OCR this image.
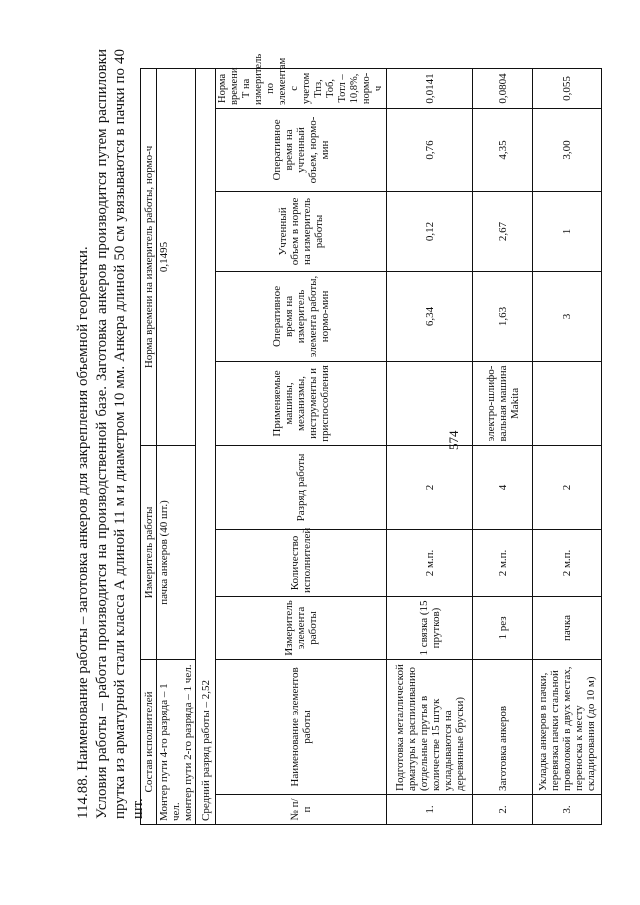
574
114.88. Наименование работы – заготовка анкеров для закрепления объемной геореечтки. Условия работы – работа производится на производственной базе. Заготовка анкеров производится путем распиловки прутка из арматурной стали класса А длиной 11 м и диаметром 10 мм. Анкера длиной 50 см увязываются в пачки по 40 шт.
Состав исполнителей		Измеритель работы			Норма времени на измеритель работы, нормо-ч				

Монтер пути 4-го разряда – 1 чел. монтер пути 2-го разряда – 1 чел.		пачка анкеров (40 шт.)			0,1495				
Средний разряд работы – 2,52									
№ п/п	Наименование элементов работы	Измеритель элемента работы	Количество исполнителей	Разряд работы	Применяемые машины, механизмы, инструменты и приспособления	Оперативное время на измеритель элемента работы, нормо-мин	Учтенный объем в норме на измеритель работы	Оперативное время на учтенный объем, нормо-мин	Норма времени Т на измеритель по элементам с учетом Тпз, Тоб, Тотл – 10,8%, нормо-ч
1.	Подготовка металлической арматуры к распиливанию (отдельные прутья в количестве 15 штук укладываются на деревянные бруски)	1 связка (15 прутков)	2 м.п.	2		6,34	0,12	0,76	0,0141
2.	Заготовка анкеров	1 рез	2 м.п.	4	электро-шлифо-вальная машина Makita	1,63	2,67	4,35	0,0804
3.	Укладка анкеров в пачки, перевязка пачки стальной проволокой в двух местах, переноска к месту складирования (до 10 м)	пачка	2 м.п.	2		3	1	3,00	0,055
